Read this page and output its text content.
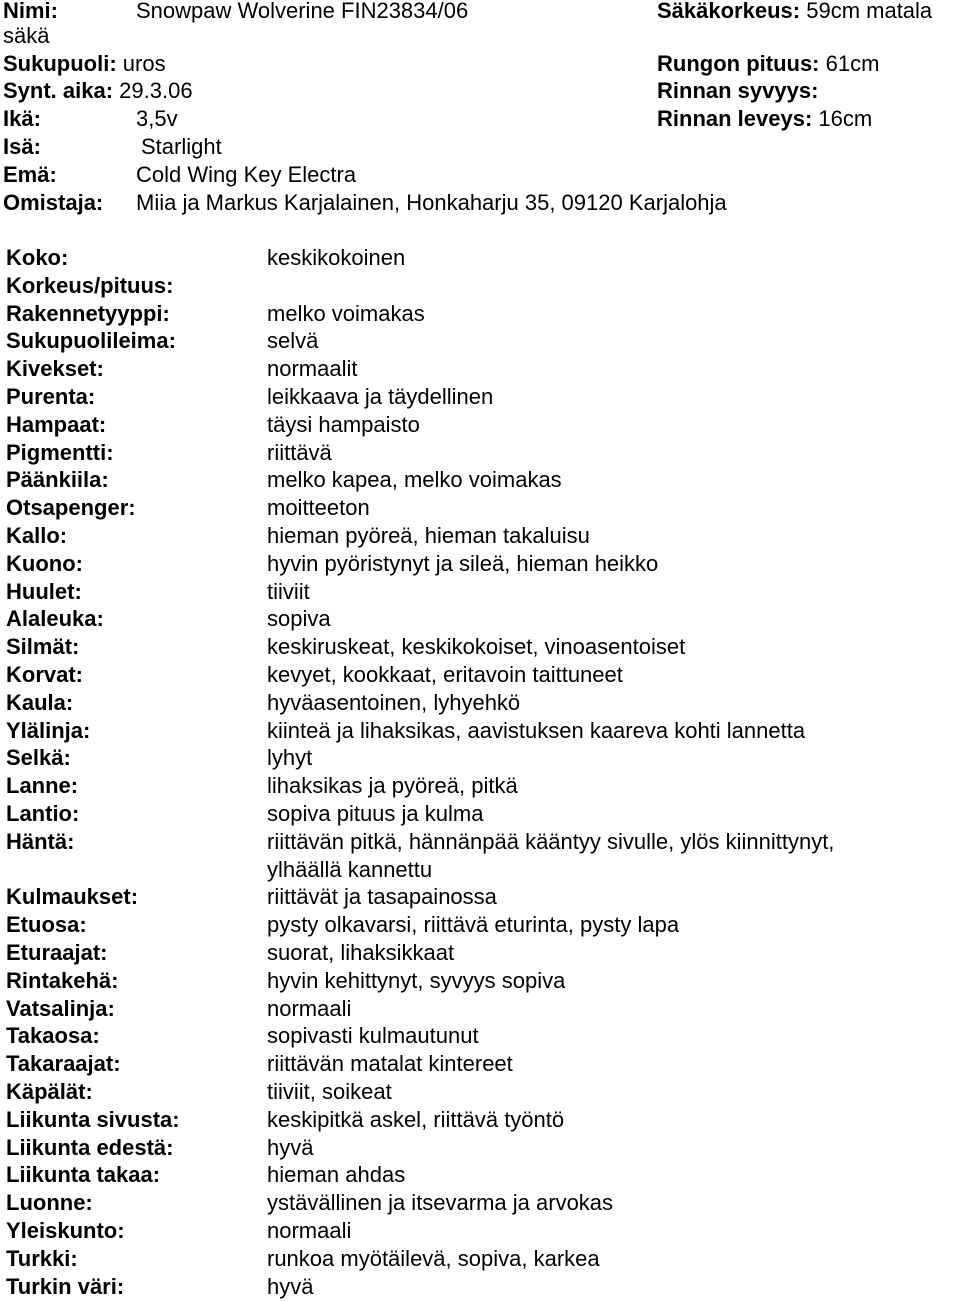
Nimi:	Snowpaw Wolverine FIN23834/06	Säkäkorkeus: 59cm matala
säkä
Sukupuoli: uros	Rungon pituus: 61cm
Synt. aika: 29.3.06	Rinnan syvyys:
Ikä:	3,5v	Rinnan leveys: 16cm
Isä:	Starlight
Emä:	Cold Wing Key Electra
Omistaja: Miia ja Markus Karjalainen, Honkaharju 35, 09120 Karjalohja
Koko:	keskikokoinen
Korkeus/pituus:
Rakennetyyppi:	melko voimakas
Sukupuolileima:	selvä
Kivekset:	normaalit
Purenta:	leikkaava ja täydellinen
Hampaat:	täysi hampaisto
Pigmentti:	riittävä
Päänkiila:	melko kapea, melko voimakas
Otsapenger:	moitteeton
Kallo:	hieman pyöreä, hieman takaluisu
Kuono:	hyvin pyöristynyt ja sileä, hieman heikko
Huulet:	tiiviit
Alaleuka:	sopiva
Silmät:	keskiruskeat, keskikokoiset, vinoasentoiset
Korvat:	kevyet, kookkaat, eritavoin taittuneet
Kaula:	hyväasentoinen, lyhyehkö
Ylälinja:	kiinteä ja lihaksikas, aavistuksen kaareva kohti lannetta
Selkä:	lyhyt
Lanne:	lihaksikas ja pyöreä, pitkä
Lantio:	sopiva pituus ja kulma
Häntä:	riittävän pitkä, hännänpää kääntyy sivulle, ylös kiinnittynyt,
ylhäällä kannettu
Kulmaukset:	riittävät ja tasapainossa
Etuosa:	pysty olkavarsi, riittävä eturinta, pysty lapa
Eturaajat:	suorat, lihaksikkaat
Rintakehä:	hyvin kehittynyt, syvyys sopiva
Vatsalinja:	normaali
Takaosa:	sopivasti kulmautunut
Takaraajat:	riittävän matalat kintereet
Käpälät:	tiiviit, soikeat
Liikunta sivusta:	keskipitkä askel, riittävä työntö
Liikunta edestä:	hyvä
Liikunta takaa:	hieman ahdas
Luonne:	ystävällinen ja itsevarma ja arvokas
Yleiskunto:	normaali
Turkki:	runkoa myötäilevä, sopiva, karkea
Turkin väri:	hyvä
